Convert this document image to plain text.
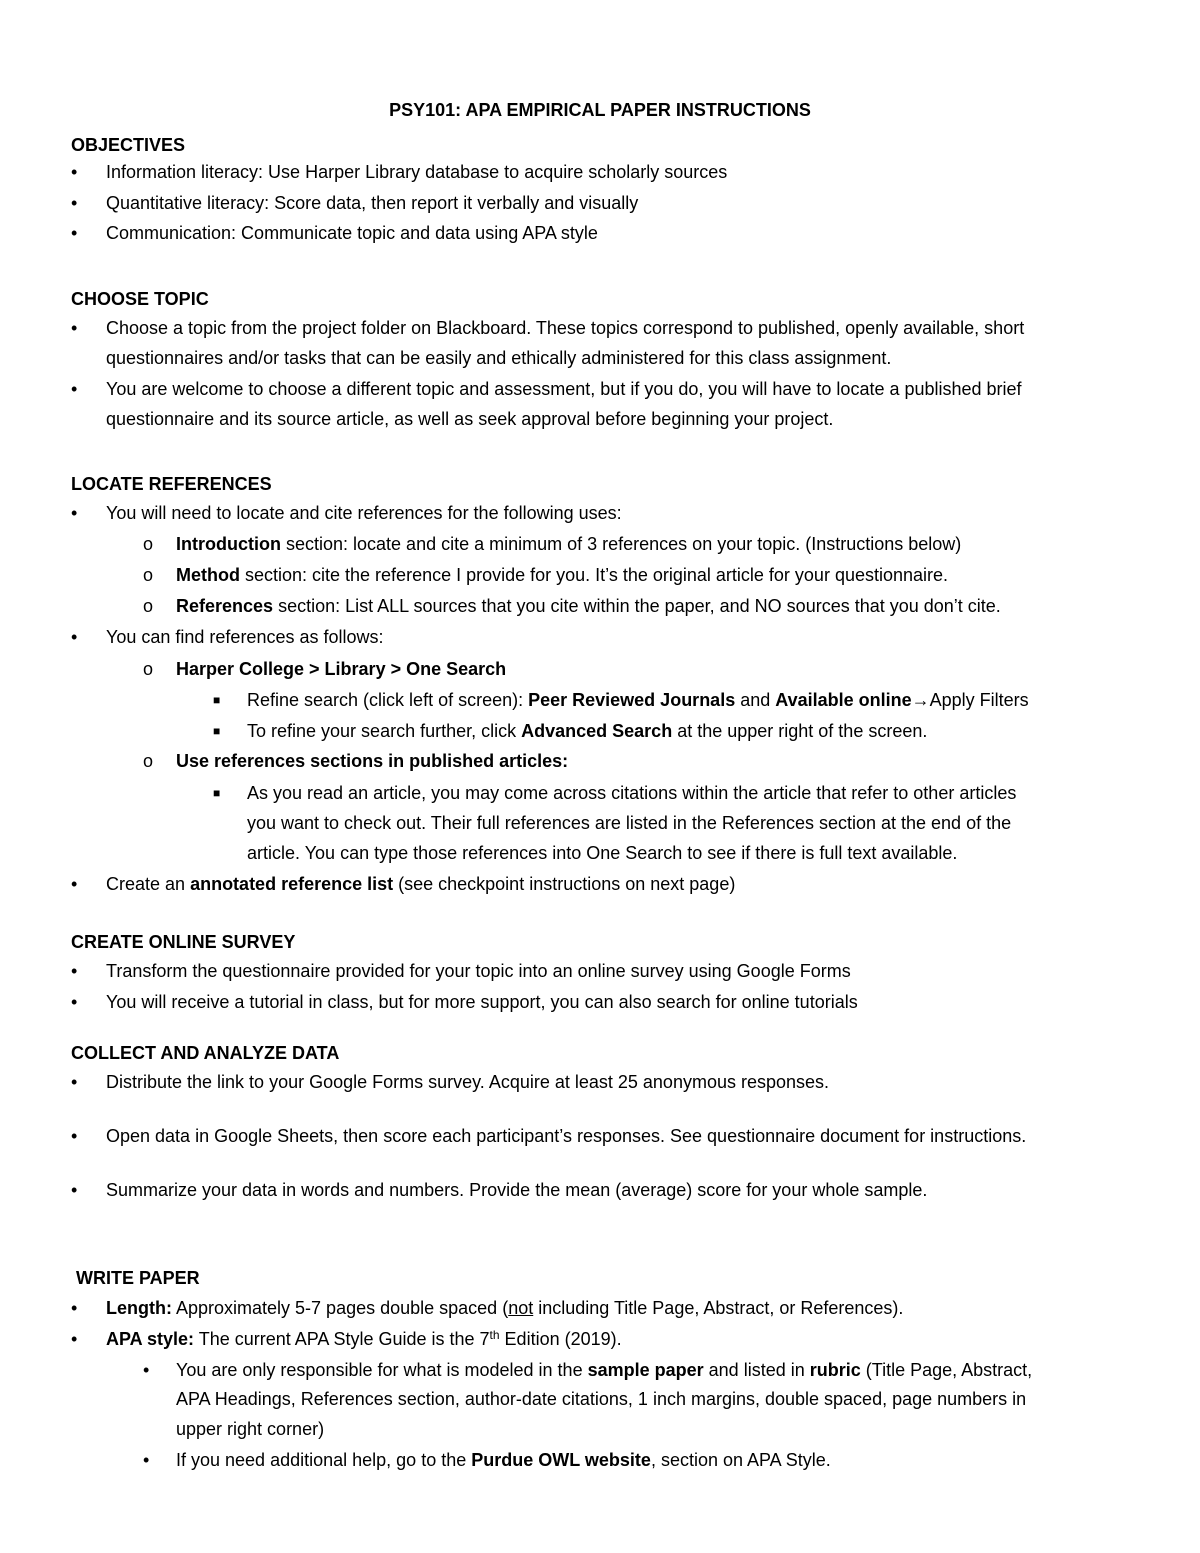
PSY101: APA EMPIRICAL PAPER INSTRUCTIONS
OBJECTIVES
• Information literacy: Use Harper Library database to acquire scholarly sources
• Quantitative literacy: Score data, then report it verbally and visually
• Communication: Communicate topic and data using APA style
CHOOSE TOPIC
• Choose a topic from the project folder on Blackboard. These topics correspond to published, openly available, short
questionnaires and/or tasks that can be easily and ethically administered for this class assignment.
• You are welcome to choose a different topic and assessment, but if you do, you will have to locate a published brief
questionnaire and its source article, as well as seek approval before beginning your project.
LOCATE REFERENCES
• You will need to locate and cite references for the following uses:
o Introduction section: locate and cite a minimum of 3 references on your topic. (Instructions below)
o Method section: cite the reference I provide for you. It’s the original article for your questionnaire.
o References section: List ALL sources that you cite within the paper, and NO sources that you don’t cite.
• You can find references as follows:
o Harper College > Library > One Search
■ Refine search (click left of screen): Peer Reviewed Journals and Available online→Apply Filters
■ To refine your search further, click Advanced Search at the upper right of the screen.
o Use references sections in published articles:
■ As you read an article, you may come across citations within the article that refer to other articles
you want to check out. Their full references are listed in the References section at the end of the
article. You can type those references into One Search to see if there is full text available.
• Create an annotated reference list (see checkpoint instructions on next page)
CREATE ONLINE SURVEY
• Transform the questionnaire provided for your topic into an online survey using Google Forms
• You will receive a tutorial in class, but for more support, you can also search for online tutorials
COLLECT AND ANALYZE DATA
• Distribute the link to your Google Forms survey. Acquire at least 25 anonymous responses.
• Open data in Google Sheets, then score each participant’s responses. See questionnaire document for instructions.
• Summarize your data in words and numbers. Provide the mean (average) score for your whole sample.
WRITE PAPER
• Length: Approximately 5-7 pages double spaced (not including Title Page, Abstract, or References).
• APA style: The current APA Style Guide is the 7th Edition (2019).
• You are only responsible for what is modeled in the sample paper and listed in rubric (Title Page, Abstract,
APA Headings, References section, author-date citations, 1 inch margins, double spaced, page numbers in
upper right corner)
• If you need additional help, go to the Purdue OWL website, section on APA Style.
